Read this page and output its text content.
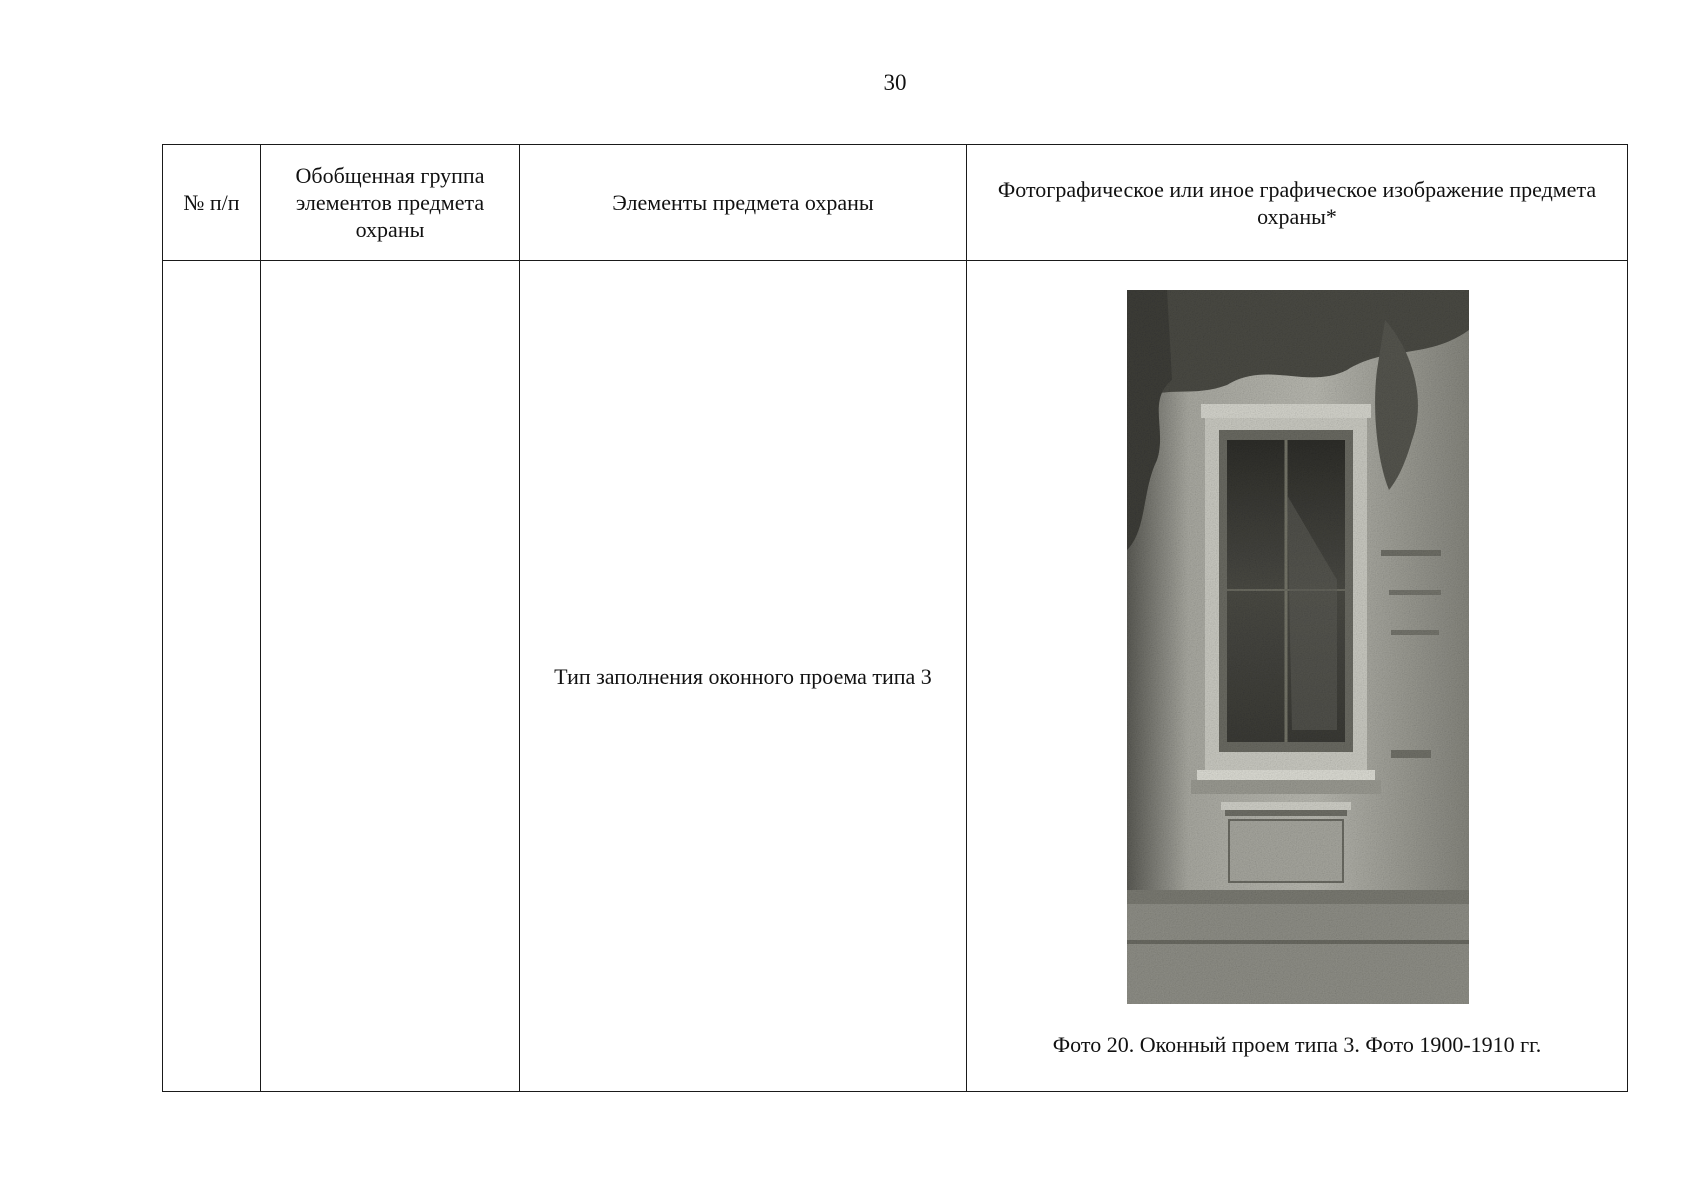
30
№ п/п	Обобщенная группа элементов предмета охраны	Элементы предмета охраны	Фотографическое или иное графическое изображение предмета охраны*
		Тип заполнения оконного проема типа 3	Фото 20. Оконный проем типа 3. Фото 1900-1910 гг.
